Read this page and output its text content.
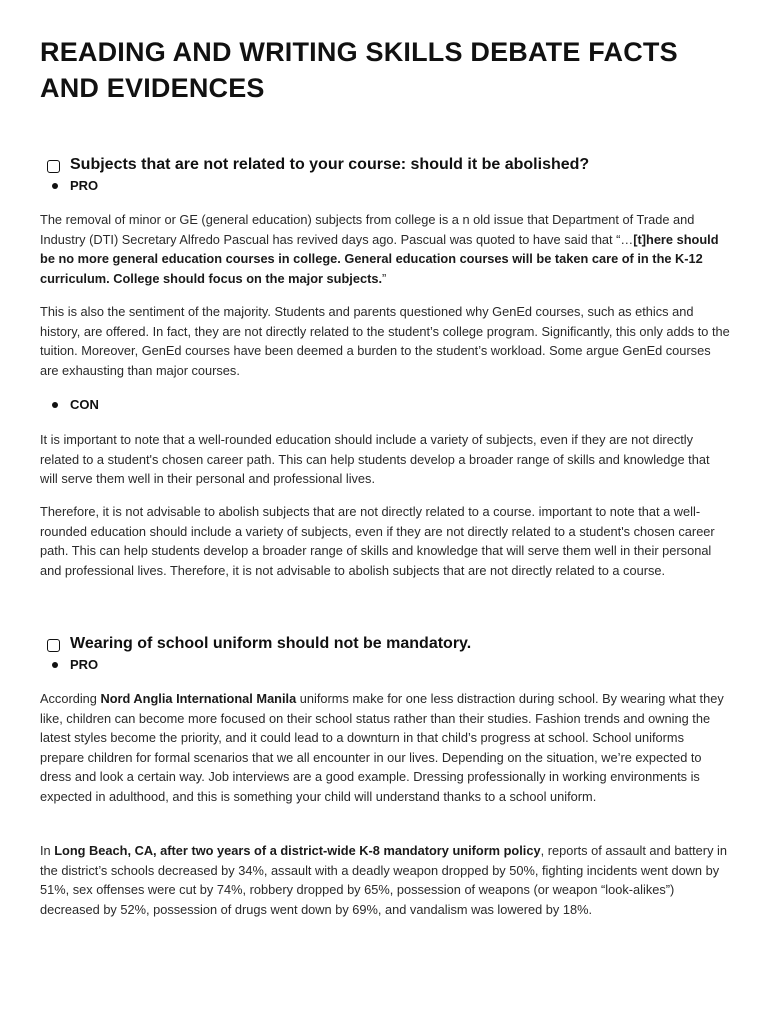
READING AND WRITING SKILLS DEBATE FACTS AND EVIDENCES
Subjects that are not related to your course: should it be abolished?
PRO

The removal of minor or GE (general education) subjects from college is a n old issue that Department of Trade and Industry (DTI) Secretary Alfredo Pascual has revived days ago. Pascual was quoted to have said that “…[t]here should be no more general education courses in college. General education courses will be taken care of in the K-12 curriculum. College should focus on the major subjects.”

This is also the sentiment of the majority. Students and parents questioned why GenEd courses, such as ethics and history, are offered. In fact, they are not directly related to the student’s college program. Significantly, this only adds to the tuition. Moreover, GenEd courses have been deemed a burden to the student’s workload. Some argue GenEd courses are exhausting than major courses.

CON

It is important to note that a well-rounded education should include a variety of subjects, even if they are not directly related to a student's chosen career path. This can help students develop a broader range of skills and knowledge that will serve them well in their personal and professional lives.

Therefore, it is not advisable to abolish subjects that are not directly related to a course. important to note that a well-rounded education should include a variety of subjects, even if they are not directly related to a student's chosen career path. This can help students develop a broader range of skills and knowledge that will serve them well in their personal and professional lives. Therefore, it is not advisable to abolish subjects that are not directly related to a course.

Wearing of school uniform should not be mandatory.
PRO

According Nord Anglia International Manila uniforms make for one less distraction during school. By wearing what they like, children can become more focused on their school status rather than their studies. Fashion trends and owning the latest styles become the priority, and it could lead to a downturn in that child’s progress at school. School uniforms prepare children for formal scenarios that we all encounter in our lives. Depending on the situation, we’re expected to dress and look a certain way. Job interviews are a good example. Dressing professionally in working environments is expected in adulthood, and this is something your child will understand thanks to a school uniform.

In Long Beach, CA, after two years of a district-wide K-8 mandatory uniform policy, reports of assault and battery in the district’s schools decreased by 34%, assault with a deadly weapon dropped by 50%, fighting incidents went down by 51%, sex offenses were cut by 74%, robbery dropped by 65%, possession of weapons (or weapon “look-alikes”) decreased by 52%, possession of drugs went down by 69%, and vandalism was lowered by 18%.
